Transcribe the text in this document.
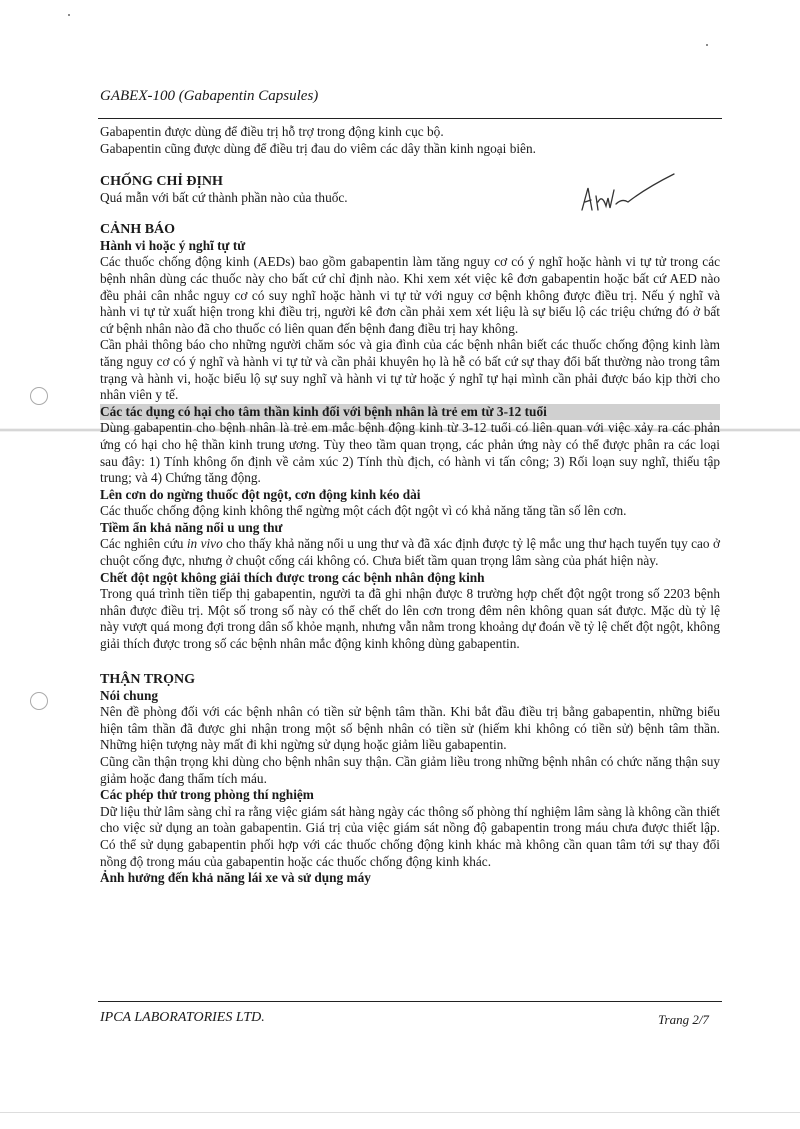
GABEX-100 (Gabapentin Capsules)

Gabapentin được dùng để điều trị hỗ trợ trong động kinh cục bộ.

Gabapentin cũng được dùng để điều trị đau do viêm các dây thần kinh ngoại biên.

CHỐNG CHỈ ĐỊNH

Quá mẫn với bất cứ thành phần nào của thuốc.

CẢNH BÁO

Hành vi hoặc ý nghĩ tự tử

Các thuốc chống động kinh (AEDs) bao gồm gabapentin làm tăng nguy cơ có ý nghĩ hoặc hành vi tự tử trong các bệnh nhân dùng các thuốc này cho bất cứ chỉ định nào. Khi xem xét việc kê đơn gabapentin hoặc bất cứ AED nào đều phải cân nhắc nguy cơ có suy nghĩ hoặc hành vi tự tử với nguy cơ bệnh không được điều trị. Nếu ý nghĩ và hành vi tự tử xuất hiện trong khi điều trị, người kê đơn cần phải xem xét liệu là sự biểu lộ các triệu chứng đó ở bất cứ bệnh nhân nào đã cho thuốc có liên quan đến bệnh đang điều trị hay không.

Cần phải thông báo cho những người chăm sóc và gia đình của các bệnh nhân biết các thuốc chống động kinh làm tăng nguy cơ có ý nghĩ và hành vi tự tử và cần phải khuyên họ là hễ có bất cứ sự thay đổi bất thường nào trong tâm trạng và hành vi, hoặc biểu lộ sự suy nghĩ và hành vi tự tử hoặc ý nghĩ tự hại mình cần phải được báo kịp thời cho nhân viên y tế.

Các tác dụng có hại cho tâm thần kinh đối với bệnh nhân là trẻ em từ 3-12 tuổi

Dùng gabapentin cho bệnh nhân là trẻ em mắc bệnh động kinh từ 3-12 tuổi có liên quan với việc xảy ra các phản ứng có hại cho hệ thần kinh trung ương. Tùy theo tầm quan trọng, các phản ứng này có thể được phân ra các loại sau đây: 1) Tính không ổn định về cảm xúc 2) Tính thù địch, có hành vi tấn công; 3) Rối loạn suy nghĩ, thiếu tập trung; và 4) Chứng tăng động.

Lên cơn do ngừng thuốc đột ngột, cơn động kinh kéo dài

Các thuốc chống động kinh không thể ngừng một cách đột ngột vì có khả năng tăng tần số lên cơn.

Tiềm ẩn khả năng nổi u ung thư

Các nghiên cứu in vivo cho thấy khả năng nổi u ung thư và đã xác định được tỷ lệ mắc ung thư hạch tuyến tụy cao ở chuột cống đực, nhưng ở chuột cống cái không có. Chưa biết tầm quan trọng lâm sàng của phát hiện này.

Chết đột ngột không giải thích được trong các bệnh nhân động kinh

Trong quá trình tiền tiếp thị gabapentin, người ta đã ghi nhận được 8 trường hợp chết đột ngột trong số 2203 bệnh nhân được điều trị. Một số trong số này có thể chết do lên cơn trong đêm nên không quan sát được. Mặc dù tỷ lệ này vượt quá mong đợi trong dân số khỏe mạnh, nhưng vẫn nằm trong khoảng dự đoán về tỷ lệ chết đột ngột, không giải thích được trong số các bệnh nhân mắc động kinh không dùng gabapentin.

THẬN TRỌNG

Nói chung

Nên đề phòng đối với các bệnh nhân có tiền sử bệnh tâm thần. Khi bắt đầu điều trị bằng gabapentin, những biểu hiện tâm thần đã được ghi nhận trong một số bệnh nhân có tiền sử (hiếm khi không có tiền sử) bệnh tâm thần. Những hiện tượng này mất đi khi ngừng sử dụng hoặc giảm liều gabapentin.

Cũng cần thận trọng khi dùng cho bệnh nhân suy thận. Cần giảm liều trong những bệnh nhân có chức năng thận suy giảm hoặc đang thẩm tích máu.

Các phép thử trong phòng thí nghiệm

Dữ liệu thử lâm sàng chỉ ra rằng việc giám sát hàng ngày các thông số phòng thí nghiệm lâm sàng là không cần thiết cho việc sử dụng an toàn gabapentin. Giá trị của việc giám sát nồng độ gabapentin trong máu chưa được thiết lập. Có thể sử dụng gabapentin phối hợp với các thuốc chống động kinh khác mà không cần quan tâm tới sự thay đổi nồng độ trong máu của gabapentin hoặc các thuốc chống động kinh khác.

Ảnh hưởng đến khả năng lái xe và sử dụng máy

IPCA LABORATORIES LTD.	Trang 2/7
